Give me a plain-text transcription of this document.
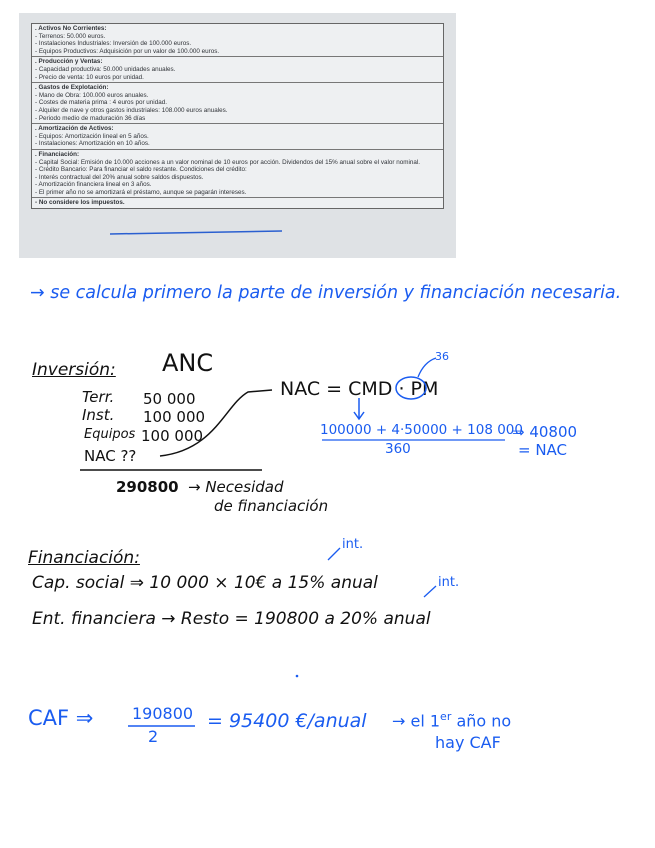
. Activos No Corrientes:
- Terrenos: 50.000 euros.
- Instalaciones Industriales: Inversión de 100.000 euros.
- Equipos Productivos: Adquisición por un valor de 100.000 euros.
. Producción y Ventas:
- Capacidad productiva: 50.000 unidades anuales.
- Precio de venta: 10 euros por unidad.
. Gastos de Explotación:
- Mano de Obra: 100.000 euros anuales.
- Costes de materia prima : 4 euros por unidad.
- Alquiler de nave y otros gastos industriales: 108.000 euros anuales.
- Periodo medio de maduración 36 días
. Amortización de Activos:
- Equipos: Amortización lineal en 5 años.
- Instalaciones: Amortización en 10 años.
. Financiación:
- Capital Social: Emisión de 10.000 acciones a un valor nominal de 10 euros por acción. Dividendos del 15% anual sobre el valor nominal.
- Crédito Bancario: Para financiar el saldo restante. Condiciones del crédito:
- Interés contractual del 20% anual sobre saldos dispuestos.
- Amortización financiera lineal en 3 años.
- El primer año no se amortizará el préstamo, aunque se pagarán intereses.
- No considere los impuestos.
→ se calcula primero la parte de inversión y financiación necesaria.
Inversión: ANC
Terr. 50 000
Inst. 100 000
Equipos 100 000
NAC ??
290800 → Necesidad
de financiación
NAC = CMD · PM
36
100000 + 4·50000 + 108 000
360
⇒ 40800
= NAC
Financiación:
int.
Cap. social ⇒ 10 000 × 10€ a 15% anual	int.
Ent. financiera → Resto = 190800 a 20% anual
CAF ⇒ 190800
2
= 95400 €/anual → el 1er año no
hay CAF
